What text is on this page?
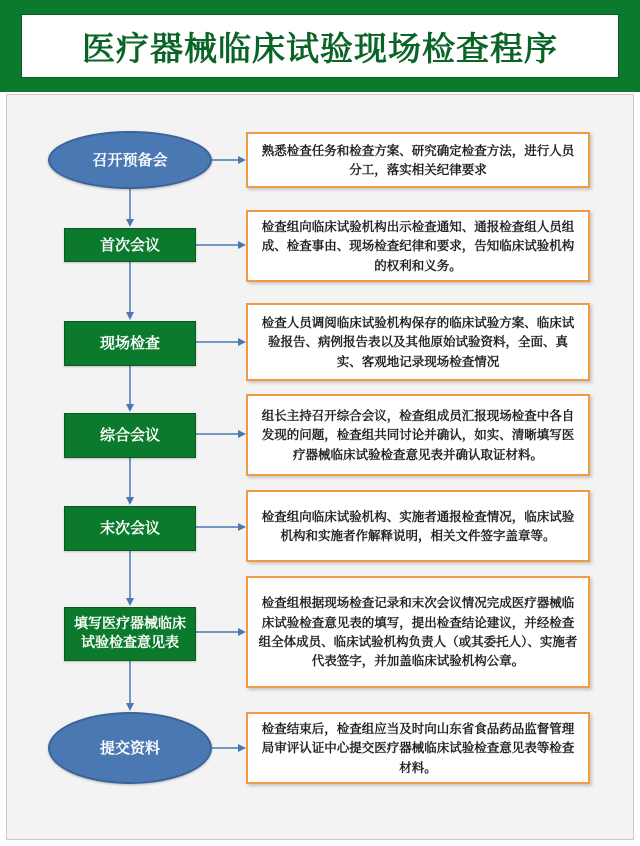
医疗器械临床试验现场检查程序
召开预备会
熟悉检查任务和检查方案、研究确定检查方法，进行人员分工，落实相关纪律要求
首次会议
检查组向临床试验机构出示检查通知、通报检查组人员组成、检查事由、现场检查纪律和要求，告知临床试验机构的权利和义务。
现场检查
检查人员调阅临床试验机构保存的临床试验方案、临床试验报告、病例报告表以及其他原始试验资料，全面、真实、客观地记录现场检查情况
综合会议
组长主持召开综合会议，检查组成员汇报现场检查中各自发现的问题，检查组共同讨论并确认，如实、清晰填写医疗器械临床试验检查意见表并确认取证材料。
末次会议
检查组向临床试验机构、实施者通报检查情况，临床试验机构和实施者作解释说明，相关文件签字盖章等。
填写医疗器械临床试验检查意见表
检查组根据现场检查记录和末次会议情况完成医疗器械临床试验检查意见表的填写，提出检查结论建议，并经检查组全体成员、临床试验机构负责人（或其委托人）、实施者代表签字，并加盖临床试验机构公章。
提交资料
检查结束后，检查组应当及时向山东省食品药品监督管理局审评认证中心提交医疗器械临床试验检查意见表等检查材料。
